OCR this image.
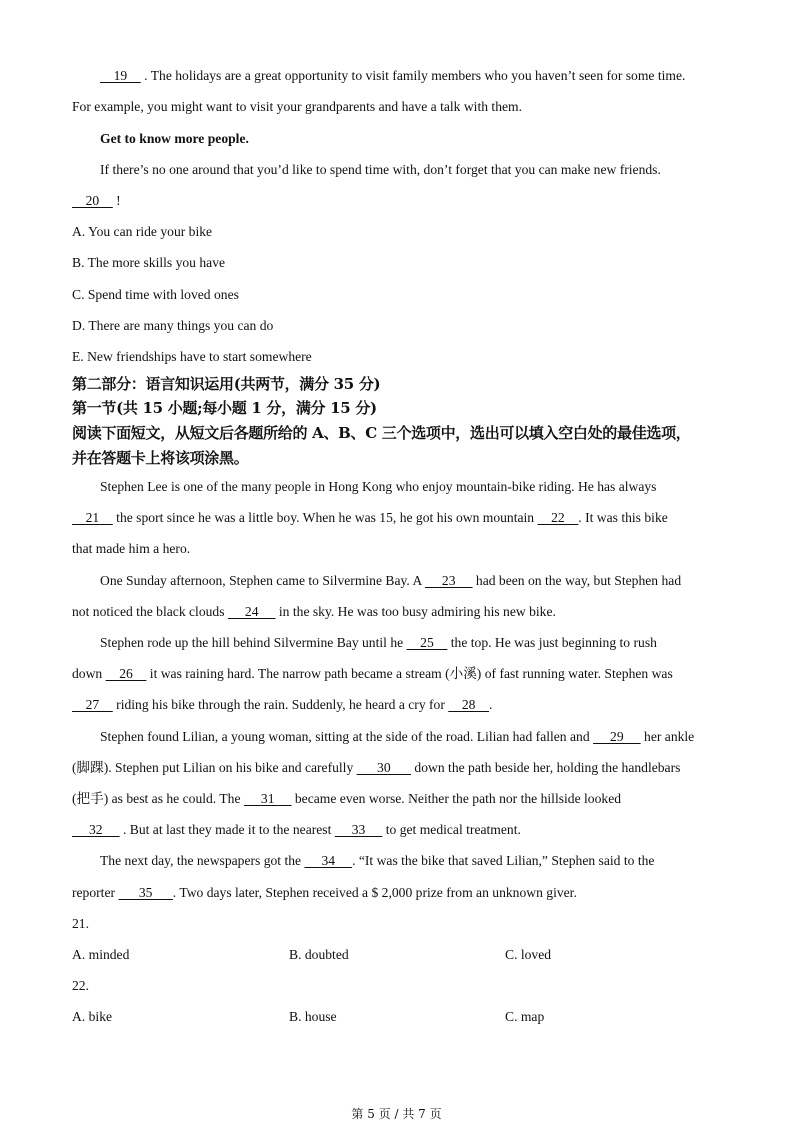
19     . The holidays are a great opportunity to visit family members who you haven’t seen for some time.
For example, you might want to visit your grandparents and have a talk with them.
Get to know more people.
If there’s no one around that you’d like to spend time with, don’t forget that you can make new friends.
20     !
A. You can ride your bike
B. The more skills you have
C. Spend time with loved ones
D. There are many things you can do
E. New friendships have to start somewhere
第二部分：语言知识运用(共两节，满分 35 分)
第一节(共 15 小题;每小题 1 分，满分 15 分)
阅读下面短文，从短文后各题所给的 A、B、C 三个选项中，选出可以填入空白处的最佳选项，
并在答题卡上将该项涂黑。
Stephen Lee is one of the many people in Hong Kong who enjoy mountain-bike riding. He has always
21     the sport since he was a little boy. When he was 15, he got his own mountain     22    . It was this bike
that made him a hero.
One Sunday afternoon, Stephen came to Silvermine Bay. A      23      had been on the way, but Stephen had
not noticed the black clouds      24      in the sky. He was too busy admiring his new bike.
Stephen rode up the hill behind Silvermine Bay until he     25     the top. He was just beginning to rush
down     26     it was raining hard. The narrow path became a stream (小溪) of fast running water. Stephen was
27     riding his bike through the rain. Suddenly, he heard a cry for     28    .
Stephen found Lilian, a young woman, sitting at the side of the road. Lilian had fallen and      29      her ankle
(脚踝). Stephen put Lilian on his bike and carefully       30       down the path beside her, holding the handlebars
(把手) as best as he could. The      31      became even worse. Neither the path nor the hillside looked
32      . But at last they made it to the nearest      33      to get medical treatment.
The next day, the newspapers got the      34     . “It was the bike that saved Lilian,” Stephen said to the
reporter       35      . Two days later, Stephen received a $ 2,000 prize from an unknown giver.
21.
A. minded	B. doubted	C. loved
22.
A. bike	B. house	C. map
第 5 页 / 共 7 页
